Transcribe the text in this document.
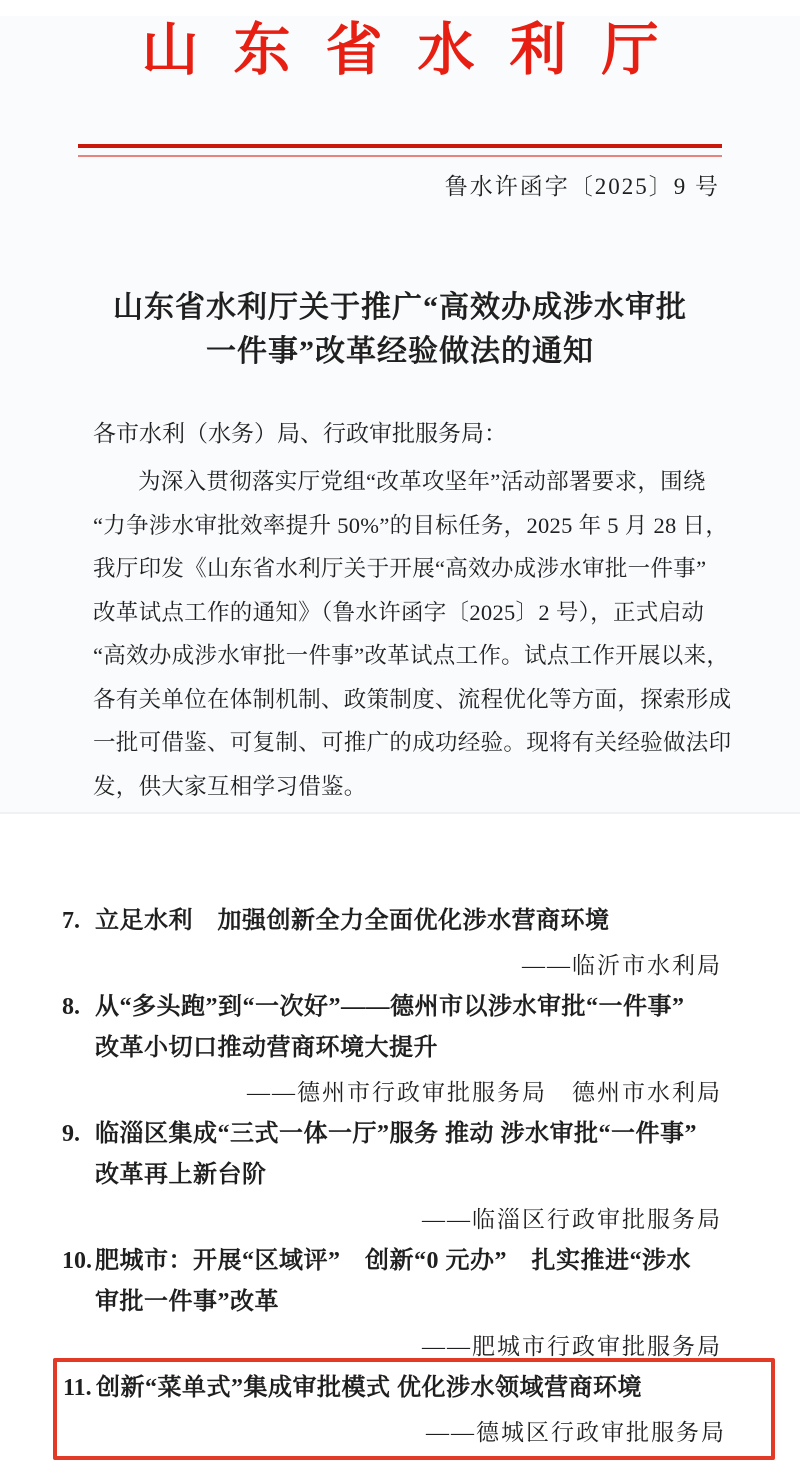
山东省水利厅
鲁水许函字〔2025〕9 号
山东省水利厅关于推广“高效办成涉水审批
一件事”改革经验做法的通知
各市水利（水务）局、行政审批服务局：
为深入贯彻落实厅党组“改革攻坚年”活动部署要求，围绕
“力争涉水审批效率提升 50%”的目标任务，2025 年 5 月 28 日，
我厅印发《山东省水利厅关于开展“高效办成涉水审批一件事”
改革试点工作的通知》（鲁水许函字〔2025〕2 号），正式启动
“高效办成涉水审批一件事”改革试点工作。试点工作开展以来，
各有关单位在体制机制、政策制度、流程优化等方面，探索形成
一批可借鉴、可复制、可推广的成功经验。现将有关经验做法印
发，供大家互相学习借鉴。
7. 立足水利　加强创新全力全面优化涉水营商环境
——临沂市水利局
8. 从“多头跑”到“一次好”——德州市以涉水审批“一件事”
改革小切口推动营商环境大提升
——德州市行政审批服务局　德州市水利局
9. 临淄区集成“三式一体一厅”服务 推动 涉水审批“一件事”
改革再上新台阶
——临淄区行政审批服务局
10. 肥城市：开展“区域评”　创新“0 元办”　扎实推进“涉水
审批一件事”改革
——肥城市行政审批服务局
11. 创新“菜单式”集成审批模式 优化涉水领域营商环境
——德城区行政审批服务局
